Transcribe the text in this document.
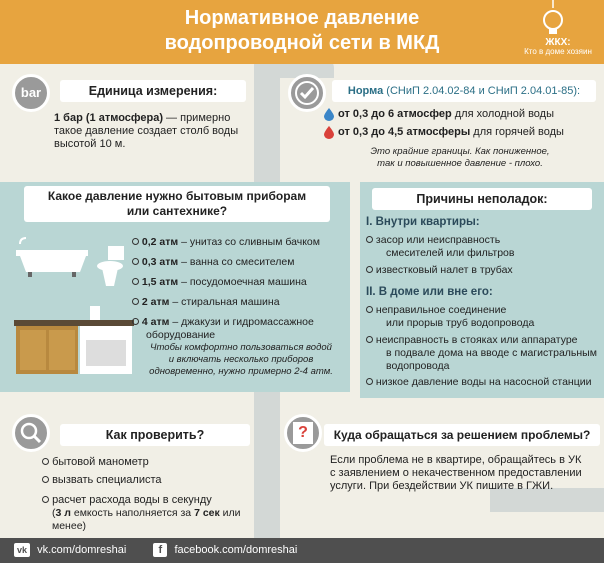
Нормативное давление
водопроводной сети в МКД	ЖКХ:
Кто в доме хозяин
bar	Единица измерения:
1 бар (1 атмосфера) — примерно
такое давление создает столб воды
высотой 10 м.
Норма (СНиП 2.04.02-84 и СНиП 2.04.01-85):
от 0,3 до 6 атмосфер для холодной воды
от 0,3 до 4,5 атмосферы для горячей воды
Это крайние границы. Как пониженное,
так и повышенное давление - плохо.
Какое давление нужно бытовым приборам
или сантехнике?
0,2 атм – унитаз со сливным бачком
0,3 атм – ванна со смесителем
1,5 атм – посудомоечная машина
2 атм – стиральная машина
4 атм – джакузи и гидромассажное
оборудование
Чтобы комфортно пользоваться водой
и включать несколько приборов
одновременно, нужно примерно 2-4 атм.
Причины неполадок:
I. Внутри квартиры:
засор или неисправность
смесителей или фильтров
известковый налет в трубах
II. В доме или вне его:
неправильное соединение
или прорыв труб водопровода
неисправность в стояках или аппаратуре
в подвале дома на вводе с магистральным
водопровода
низкое давление воды на насосной станции
Как проверить?
бытовой манометр
вызвать специалиста
расчет расхода воды в секунду
(3 л емкость наполняется за 7 сек или менее)
?	Куда обращаться за решением проблемы?
Если проблема не в квартире, обращайтесь в УК
с заявлением о некачественном предоставлении
услуги. При бездействии УК пишите в ГЖИ.
vk vk.com/domreshai	f facebook.com/domreshai
